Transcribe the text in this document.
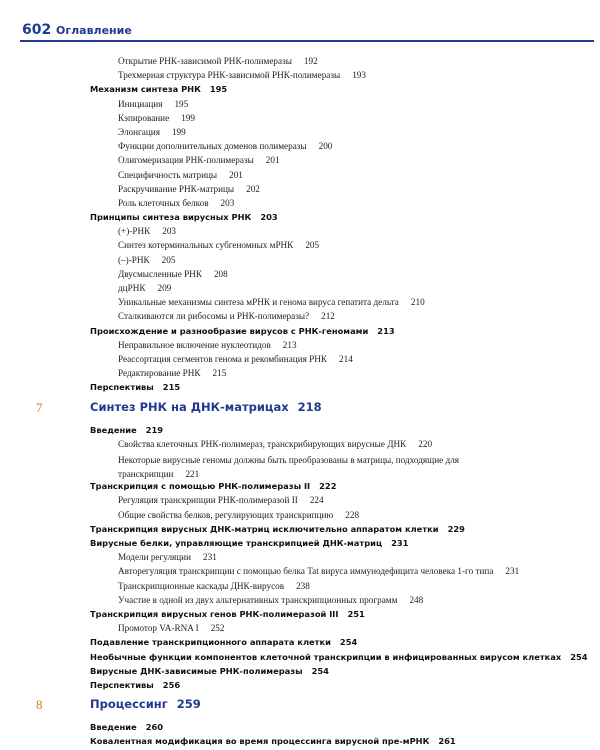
602 Оглавление
Открытие РНК-зависимой РНК-полимеразы 192
Трехмерная структура РНК-зависимой РНК-полимеразы 193
Механизм синтеза РНК 195
Инициация 195
Кэпирование 199
Элонгация 199
Функции дополнительных доменов полимеразы 200
Олигомеризация РНК-полимеразы 201
Специфичность матрицы 201
Раскручивание РНК-матрицы 202
Роль клеточных белков 203
Принципы синтеза вирусных РНК 203
(+)-РНК 203
Синтез котерминальных субгеномных мРНК 205
(–)-РНК 205
Двусмысленные РНК 208
дцРНК 209
Уникальные механизмы синтеза мРНК и генома вируса гепатита дельта 210
Сталкиваются ли рибосомы и РНК-полимеразы? 212
Происхождение и разнообразие вирусов с РНК-геномами 213
Неправильное включение нуклеотидов 213
Реассортация сегментов генома и рекомбинация РНК 214
Редактирование РНК 215
Перспективы 215
7	Синтез РНК на ДНК-матрицах 218
Введение 219
Свойства клеточных РНК-полимераз, транскрибирующих вирусные ДНК 220
Некоторые вирусные геномы должны быть преобразованы в матрицы, подходящие для транскрипции 221
Транскрипция с помощью РНК-полимеразы II 222
Регуляция транскрипции РНК-полимеразой II 224
Общие свойства белков, регулирующих транскрипцию 228
Транскрипция вирусных ДНК-матриц исключительно аппаратом клетки 229
Вирусные белки, управляющие транскрипцией ДНК-матриц 231
Модели регуляции 231
Авторегуляция транскрипции с помощью белка Tat вируса иммунодефицита человека 1-го типа 231
Транскрипционные каскады ДНК-вирусов 238
Участие в одной из двух альтернативных транскрипционных программ 248
Транскрипция вирусных генов РНК-полимеразой III 251
Промотор VA-RNA I 252
Подавление транскрипционного аппарата клетки 254
Необычные функции компонентов клеточной транскрипции в инфицированных вирусом клетках 254
Вирусные ДНК-зависимые РНК-полимеразы 254
Перспективы 256
8	Процессинг 259
Введение 260
Ковалентная модификация во время процессинга вирусной пре-мРНК 261
